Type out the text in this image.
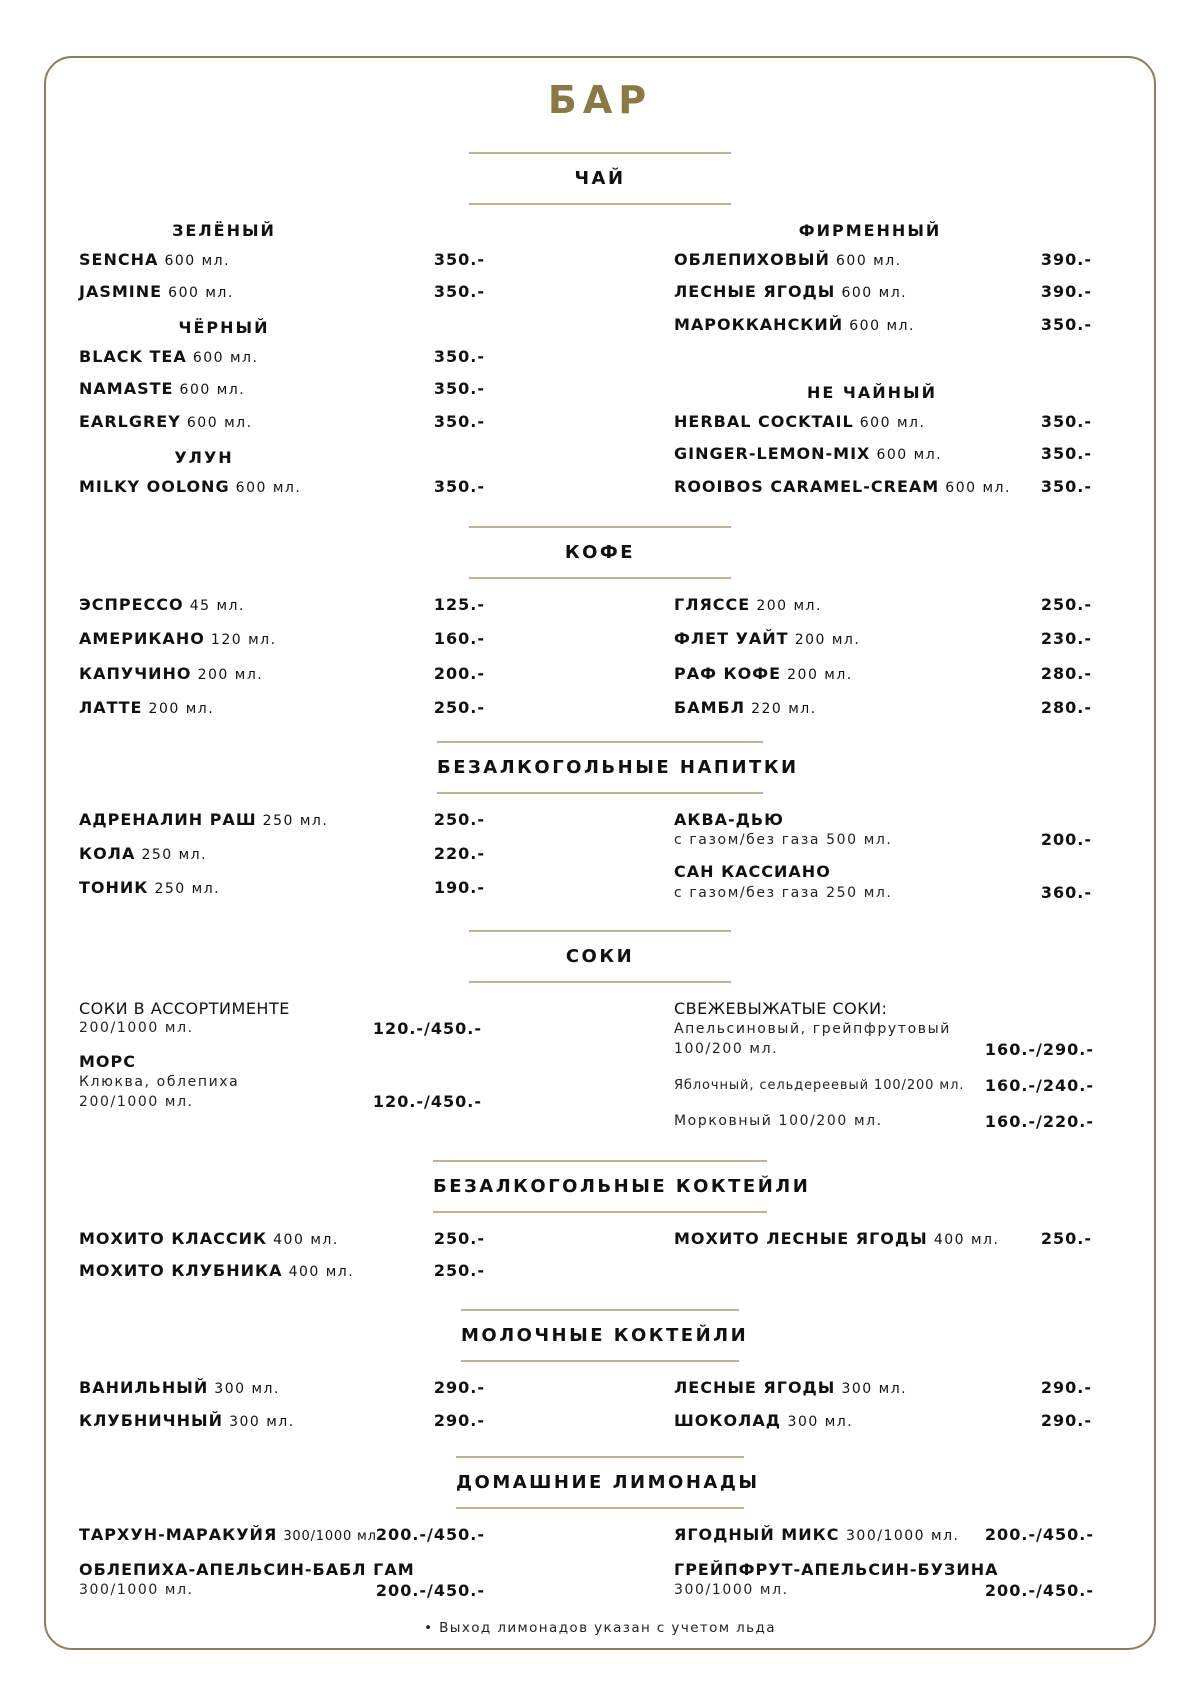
БАР
ЧАЙ
ЗЕЛЁНЫЙ
SENCHA 600 мл.	350.-
JASMINE 600 мл.	350.-
ЧЁРНЫЙ
BLACK TEA 600 мл.	350.-
NAMASTE 600 мл.	350.-
EARLGREY 600 мл.	350.-
УЛУН
MILKY OOLONG 600 мл.	350.-
ФИРМЕННЫЙ
ОБЛЕПИХОВЫЙ 600 мл.	390.-
ЛЕСНЫЕ ЯГОДЫ 600 мл.	390.-
МАРОККАНСКИЙ 600 мл.	350.-
НЕ ЧАЙНЫЙ
HERBAL COCKTAIL 600 мл.	350.-
GINGER-LEMON-MIX 600 мл.	350.-
ROOIBOS CARAMEL-CREAM 600 мл. 350.-
КОФЕ
ЭСПРЕССО 45 мл.	125.-
АМЕРИКАНО 120 мл.	160.-
КАПУЧИНО 200 мл.	200.-
ЛАТТЕ 200 мл.	250.-
ГЛЯССЕ 200 мл.	250.-
ФЛЕТ УАЙТ 200 мл.	230.-
РАФ КОФЕ 200 мл.	280.-
БАМБЛ 220 мл.	280.-
БЕЗАЛКОГОЛЬНЫЕ НАПИТКИ
АДРЕНАЛИН РАШ 250 мл.	250.-
КОЛА 250 мл.	220.-
ТОНИК 250 мл.	190.-
АКВА-ДЬЮ
с газом/без газа 500 мл.	200.-
САН КАССИАНО
с газом/без газа 250 мл.	360.-
СОКИ
СОКИ В АССОРТИМЕНТЕ
200/1000 мл.	120.-/450.-
МОРС
Клюква, облепиха
200/1000 мл.	120.-/450.-
СВЕЖЕВЫЖАТЫЕ СОКИ:
Апельсиновый, грейпфрутовый
100/200 мл.	160.-/290.-
Яблочный, сельдереевый 100/200 мл. 160.-/240.-
Морковный 100/200 мл.	160.-/220.-
БЕЗАЛКОГОЛЬНЫЕ КОКТЕЙЛИ
МОХИТО КЛАССИК 400 мл.	250.-
МОХИТО КЛУБНИКА 400 мл.	250.-
МОХИТО ЛЕСНЫЕ ЯГОДЫ 400 мл.	250.-
МОЛОЧНЫЕ КОКТЕЙЛИ
ВАНИЛЬНЫЙ 300 мл.	290.-
КЛУБНИЧНЫЙ 300 мл.	290.-
ЛЕСНЫЕ ЯГОДЫ 300 мл.	290.-
ШОКОЛАД 300 мл.	290.-
ДОМАШНИЕ ЛИМОНАДЫ
ТАРХУН-МАРАКУЙЯ 300/1000 мл.
200.-/450.-
ОБЛЕПИХА-АПЕЛЬСИН-БАБЛ ГАМ
300/1000 мл.	200.-/450.-
ЯГОДНЫЙ МИКС 300/1000 мл. 200.-/450.-
ГРЕЙПФРУТ-АПЕЛЬСИН-БУЗИНА
300/1000 мл.	200.-/450.-
• Выход лимонадов указан с учетом льда
